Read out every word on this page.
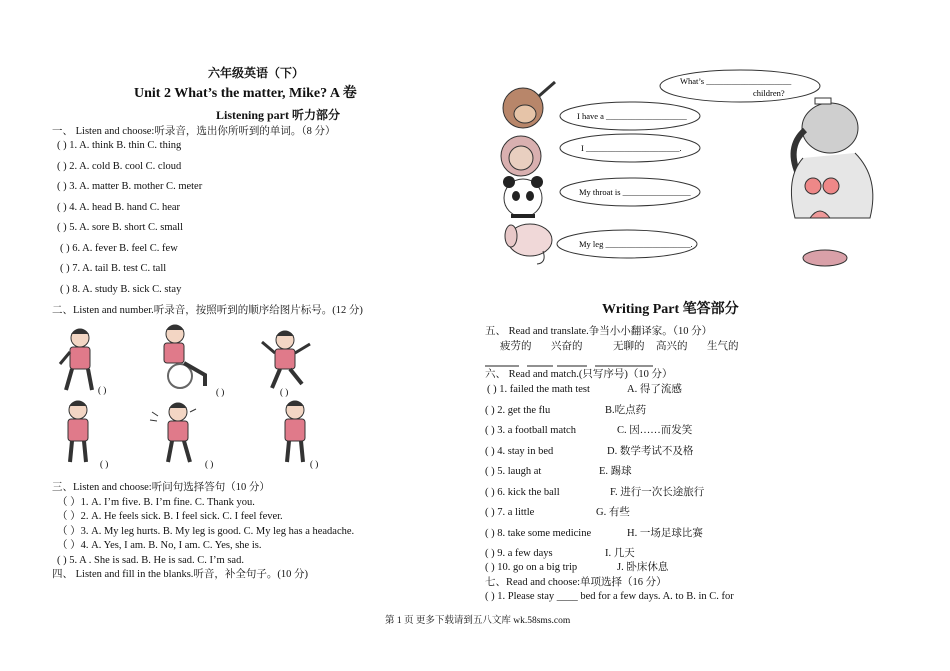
六年级英语（下）
Unit 2 What’s the matter, Mike? A 卷
Listening part 听力部分
一、 Listen and choose:听录音，选出你所听到的单词。（8 分）
( ) 1. A. think B. thin C. thing
( ) 2. A. cold B. cool C. cloud
( ) 3. A. matter B. mother C. meter
( ) 4. A. head B. hand C. hear
( ) 5. A. sore B. short C. small
( ) 6. A. fever B. feel C. few
( ) 7. A. tail B. test C. tall
( ) 8. A. study B. sick C. stay
二、Listen and number.听录音，按照听到的顺序给图片标号。(12 分)
( )
( )	( )
( )	( )	( )
三、Listen and choose:听问句选择答句（10 分）
（ ）1. A. I’m five. B. I’m fine. C. Thank you.
（ ）2. A. He feels sick. B. I feel sick. C. I feel fever.
（ ）3. A. My leg hurts. B. My leg is good. C. My leg has a headache.
（ ）4. A. Yes, I am. B. No, I am. C. Yes, she is.
( ) 5. A . She is sad. B. He is sad. C. I’m sad.
四、 Listen and fill in the blanks.听音，补全句子。(10 分)
What’s ____________________
children?
I have a ___________________
I ______________________.
My throat is ________________
My leg ____________________.
Writing Part 笔答部分
五、 Read and translate.争当小小翻译家。（10 分）
疲劳的 兴奋的	无聊的 高兴的 生气的
六、 Read and match.(只写序号)（10 分）
( ) 1. failed the math test	A. 得了流感
( ) 2. get the flu	B.吃点药
( ) 3. a football match	C. 因……而发笑
( ) 4. stay in bed	D. 数学考试不及格
( ) 5. laugh at	E. 踢球
( ) 6. kick the ball	F. 进行一次长途旅行
( ) 7. a little	G. 有些
( ) 8. take some medicine	H. 一场足球比赛
( ) 9. a few days	I. 几天
( ) 10. go on a big trip	J. 卧床休息
七、Read and choose:单项选择（16 分）
( ) 1. Please stay ____ bed for a few days. A. to B. in C. for
第 1 页 更多下载请到五八文库 wk.58sms.com
